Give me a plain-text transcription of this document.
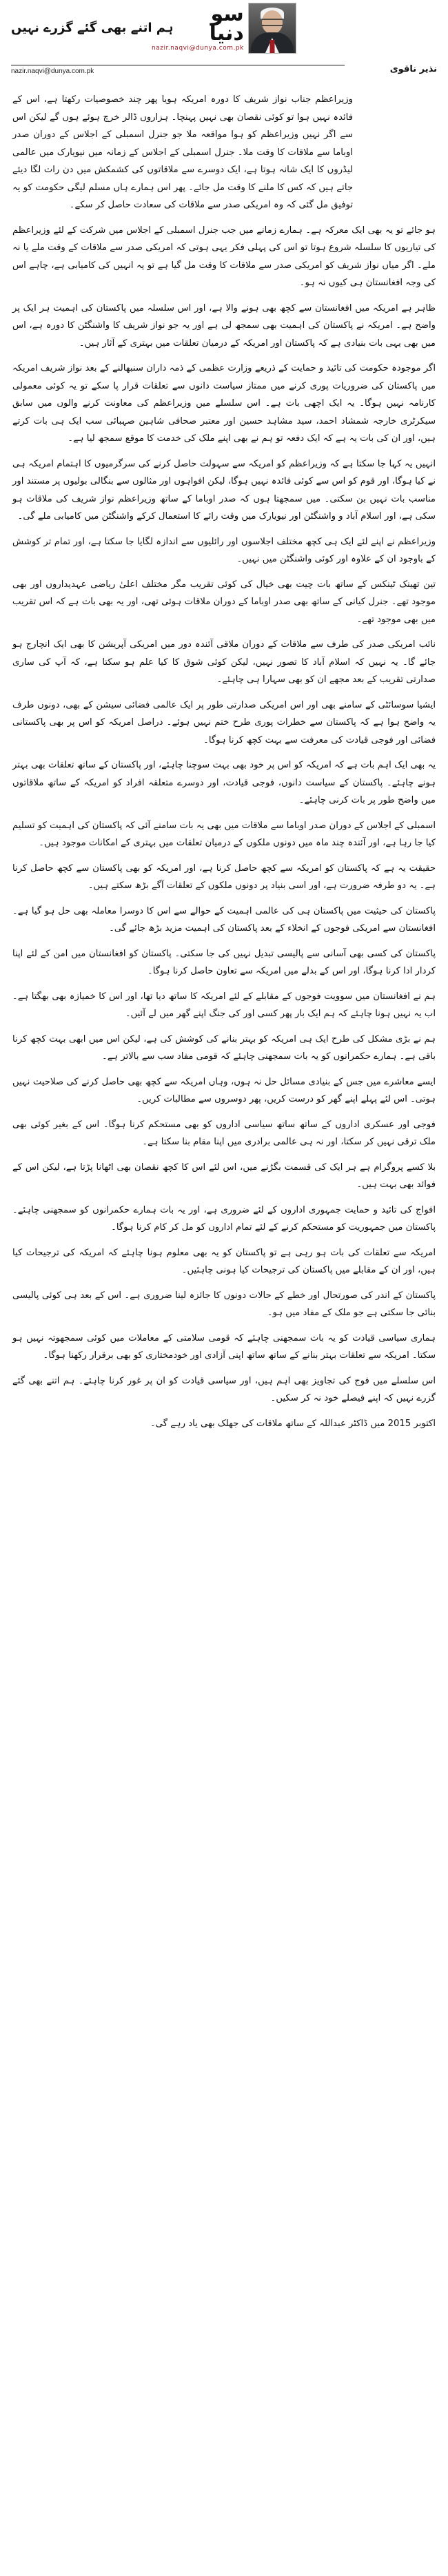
سو
دنیا
nazir.naqvi@dunya.com.pk
ہم اتنے بھی گئے گزرے نہیں
نذیر ناقوی
nazir.naqvi@dunya.com.pk

وزیراعظم جناب نواز شریف کا دورہ امریکہ ہویا پھر چند خصوصیات رکھتا ہے، اس کے فائدہ نہیں ہوا تو کوئی نقصان بھی نہیں پہنچا۔ ہزاروں ڈالر خرچ ہوئے ہوں گے لیکن اس سے اگر نہیں وزیراعظم کو ہوا مواقعہ ملا جو جنرل اسمبلی کے اجلاس کے دوران صدر اوباما سے ملاقات کا وقت ملا۔ جنرل اسمبلی کے اجلاس کے زمانہ میں نیویارک میں عالمی لیڈروں کا ایک شانہ ہوتا ہے، ایک دوسرے سے ملاقاتوں کی کشمکش میں دن رات لگا دیئے جاتے ہیں کہ کس کا ملنے کا وقت مل جائے۔ پھر اس ہمارے ہاں مسلم لیگی حکومت کو یہ توفیق مل گئی کہ وہ امریکی صدر سے ملاقات کی سعادت حاصل کر سکے۔

ہو جائے تو یہ بھی ایک معرکہ ہے۔ ہمارے زمانے میں جب جنرل اسمبلی کے اجلاس میں شرکت کے لئے وزیراعظم کی تیاریوں کا سلسلہ شروع ہوتا تو اس کی پہلی فکر یہی ہوتی کہ امریکی صدر سے ملاقات کے وقت ملے یا نہ ملے۔ اگر میاں نواز شریف کو امریکی صدر سے ملاقات کا وقت مل گیا ہے تو یہ انہیں کی کامیابی ہے، چاہے اس کی وجہ افغانستان ہی کیوں نہ ہو۔

ظاہر ہے امریکہ میں افغانستان سے کچھ بھی ہونے والا ہے، اور اس سلسلہ میں پاکستان کی اہمیت ہر ایک پر واضح ہے۔ امریکہ نے پاکستان کی اہمیت بھی سمجھ لی ہے اور یہ جو نواز شریف کا واشنگٹن کا دورہ ہے، اس میں بھی یہی بات بنیادی ہے کہ پاکستان اور امریکہ کے درمیان تعلقات میں بہتری کے آثار ہیں۔

اگر موجودہ حکومت کی تائید و حمایت کے ذریعے وزارت عظمی کے ذمہ داران سنبھالنے کے بعد نواز شریف امریکہ میں پاکستان کی ضروریات پوری کرنے میں ممتاز سیاست دانوں سے تعلقات قرار پا سکے تو یہ کوئی معمولی کارنامہ نہیں ہوگا۔ یہ ایک اچھی بات ہے۔ اس سلسلے میں وزیراعظم کی معاونت کرنے والوں میں سابق سیکرٹری خارجہ شمشاد احمد، سید مشاہد حسین اور معتبر صحافی شاہین صہبائی سب ایک ہی بات کرتے ہیں، اور ان کی بات یہ ہے کہ ایک دفعہ تو ہم نے بھی اپنے ملک کی خدمت کا موقع سمجھ لیا ہے۔

انہیں یہ کہا جا سکتا ہے کہ وزیراعظم کو امریکہ سے سہولت حاصل کرنے کی سرگرمیوں کا اہتمام امریکہ ہی نے کیا ہوگا، اور قوم کو اس سے کوئی فائدہ نہیں ہوگا، لیکن افواہوں اور مثالوں سے بنگالی بولیوں پر مستند اور مناسب بات نہیں بن سکتی۔ میں سمجھتا ہوں کہ صدر اوباما کے ساتھ وزیراعظم نواز شریف کی ملاقات ہو سکی ہے، اور اسلام آباد و واشنگٹن اور نیویارک میں وقت رائے کا استعمال کرکے واشنگٹن میں کامیابی ملے گی۔

وزیراعظم نے اپنے لئے ایک ہی کچھ مختلف اجلاسوں اور رائلیوں سے اندازہ لگایا جا سکتا ہے، اور تمام تر کوشش کے باوجود ان کے علاوہ اور کوئی واشنگٹن میں نہیں۔

تین تھینک ٹینکس کے ساتھ بات چیت بھی خیال کی کوئی تقریب مگر مختلف اعلیٰ ریاضی عہدیداروں اور بھی موجود تھے۔ جنرل کیانی کے ساتھ بھی صدر اوباما کے دوران ملاقات ہوئی تھی، اور یہ بھی بات ہے کہ اس تقریب میں بھی موجود تھے۔

نائب امریکی صدر کی طرف سے ملاقات کے دوران ملاقی آئندہ دور میں امریکی آپریشن کا بھی ایک انچارج ہو جائے گا۔ یہ نہیں کہ اسلام آباد کا تصور نہیں، لیکن کوئی شوق کا کیا علم ہو سکتا ہے، کہ آپ کی ساری صدارتی تقریب کے بعد مجھے ان کو بھی سہارا ہی چاہئے۔

ایشیا سوسائٹی کے سامنے بھی اور اس امریکی صدارتی طور پر ایک عالمی فضائی سیشن کے بھی، دونوں طرف یہ واضح ہوا ہے کہ پاکستان سے خطرات پوری طرح ختم نہیں ہوئے۔ دراصل امریکہ کو اس پر بھی پاکستانی فضائی اور فوجی قیادت کی معرفت سے بہت کچھ کرنا ہوگا۔

یہ بھی ایک اہم بات ہے کہ امریکہ کو اس پر خود بھی بہت سوچنا چاہئے، اور پاکستان کے ساتھ تعلقات بھی بہتر ہونے چاہئے۔ پاکستان کے سیاست دانوں، فوجی قیادت، اور دوسرے متعلقہ افراد کو امریکہ کے ساتھ ملاقاتوں میں واضح طور پر بات کرنی چاہئے۔

اسمبلی کے اجلاس کے دوران صدر اوباما سے ملاقات میں بھی یہ بات سامنے آئی کہ پاکستان کی اہمیت کو تسلیم کیا جا رہا ہے، اور آئندہ چند ماہ میں دونوں ملکوں کے درمیان تعلقات میں بہتری کے امکانات موجود ہیں۔

حقیقت یہ ہے کہ پاکستان کو امریکہ سے کچھ حاصل کرنا ہے، اور امریکہ کو بھی پاکستان سے کچھ حاصل کرنا ہے۔ یہ دو طرفہ ضرورت ہے، اور اسی بنیاد پر دونوں ملکوں کے تعلقات آگے بڑھ سکتے ہیں۔

پاکستان کی حیثیت میں پاکستان ہی کی عالمی اہمیت کے حوالے سے اس کا دوسرا معاملہ بھی حل ہو گیا ہے۔ افغانستان سے امریکی فوجوں کے انخلاء کے بعد پاکستان کی اہمیت مزید بڑھ جائے گی۔

پاکستان کی کسی بھی آسانی سے پالیسی تبدیل نہیں کی جا سکتی۔ پاکستان کو افغانستان میں امن کے لئے اپنا کردار ادا کرنا ہوگا، اور اس کے بدلے میں امریکہ سے تعاون حاصل کرنا ہوگا۔

ہم نے افغانستان میں سوویت فوجوں کے مقابلے کے لئے امریکہ کا ساتھ دیا تھا، اور اس کا خمیازہ بھی بھگتا ہے۔ اب یہ نہیں ہونا چاہئے کہ ہم ایک بار پھر کسی اور کی جنگ اپنے گھر میں لے آئیں۔

ہم نے بڑی مشکل کی طرح ایک ہی امریکہ کو بہتر بنانے کی کوشش کی ہے، لیکن اس میں ابھی بہت کچھ کرنا باقی ہے۔ ہمارے حکمرانوں کو یہ بات سمجھنی چاہئے کہ قومی مفاد سب سے بالاتر ہے۔

ایسے معاشرے میں جس کے بنیادی مسائل حل نہ ہوں، وہاں امریکہ سے کچھ بھی حاصل کرنے کی صلاحیت نہیں ہوتی۔ اس لئے پہلے اپنے گھر کو درست کریں، پھر دوسروں سے مطالبات کریں۔

فوجی اور عسکری اداروں کے ساتھ ساتھ سیاسی اداروں کو بھی مستحکم کرنا ہوگا۔ اس کے بغیر کوئی بھی ملک ترقی نہیں کر سکتا، اور نہ ہی عالمی برادری میں اپنا مقام بنا سکتا ہے۔

بلا کسے پروگرام ہے ہر ایک کی قسمت بگڑنے میں، اس لئے اس کا کچھ نقصان بھی اٹھانا پڑتا ہے، لیکن اس کے فوائد بھی بہت ہیں۔

افواج کی تائید و حمایت جمہوری اداروں کے لئے ضروری ہے، اور یہ بات ہمارے حکمرانوں کو سمجھنی چاہئے۔ پاکستان میں جمہوریت کو مستحکم کرنے کے لئے تمام اداروں کو مل کر کام کرنا ہوگا۔

امریکہ سے تعلقات کی بات ہو رہی ہے تو پاکستان کو یہ بھی معلوم ہونا چاہئے کہ امریکہ کی ترجیحات کیا ہیں، اور ان کے مقابلے میں پاکستان کی ترجیحات کیا ہونی چاہئیں۔

پاکستان کے اندر کی صورتحال اور خطے کے حالات دونوں کا جائزہ لینا ضروری ہے۔ اس کے بعد ہی کوئی پالیسی بنائی جا سکتی ہے جو ملک کے مفاد میں ہو۔

ہماری سیاسی قیادت کو یہ بات سمجھنی چاہئے کہ قومی سلامتی کے معاملات میں کوئی سمجھوتہ نہیں ہو سکتا۔ امریکہ سے تعلقات بہتر بنانے کے ساتھ ساتھ اپنی آزادی اور خودمختاری کو بھی برقرار رکھنا ہوگا۔

اس سلسلے میں فوج کی تجاویز بھی اہم ہیں، اور سیاسی قیادت کو ان پر غور کرنا چاہئے۔ ہم اتنے بھی گئے گزرے نہیں کہ اپنے فیصلے خود نہ کر سکیں۔

اکتوبر 2015 میں ڈاکٹر عبداللہ کے ساتھ ملاقات کی جھلک بھی یاد رہے گی۔
